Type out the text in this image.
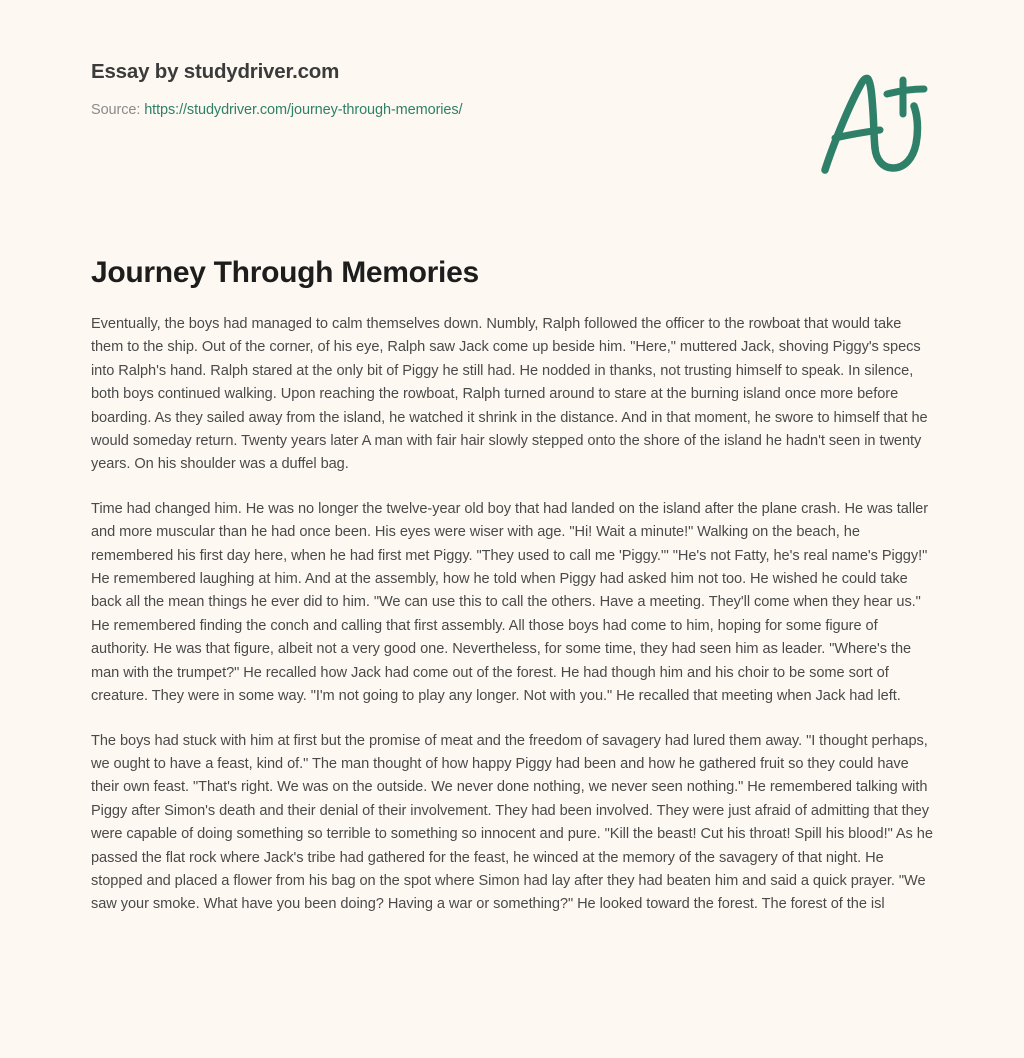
Essay by studydriver.com
Source: https://studydriver.com/journey-through-memories/
Journey Through Memories

Eventually, the boys had managed to calm themselves down. Numbly, Ralph followed the officer to the rowboat that would take them to the ship. Out of the corner, of his eye, Ralph saw Jack come up beside him. "Here," muttered Jack, shoving Piggy's specs into Ralph's hand. Ralph stared at the only bit of Piggy he still had. He nodded in thanks, not trusting himself to speak. In silence, both boys continued walking. Upon reaching the rowboat, Ralph turned around to stare at the burning island once more before boarding. As they sailed away from the island, he watched it shrink in the distance. And in that moment, he swore to himself that he would someday return. Twenty years later A man with fair hair slowly stepped onto the shore of the island he hadn't seen in twenty years. On his shoulder was a duffel bag.

Time had changed him. He was no longer the twelve-year old boy that had landed on the island after the plane crash. He was taller and more muscular than he had once been. His eyes were wiser with age. "Hi! Wait a minute!" Walking on the beach, he remembered his first day here, when he had first met Piggy. "They used to call me 'Piggy.'" "He's not Fatty, he's real name's Piggy!" He remembered laughing at him. And at the assembly, how he told when Piggy had asked him not too. He wished he could take back all the mean things he ever did to him. "We can use this to call the others. Have a meeting. They'll come when they hear us." He remembered finding the conch and calling that first assembly. All those boys had come to him, hoping for some figure of authority. He was that figure, albeit not a very good one. Nevertheless, for some time, they had seen him as leader. "Where's the man with the trumpet?" He recalled how Jack had come out of the forest. He had though him and his choir to be some sort of creature. They were in some way. "I'm not going to play any longer. Not with you." He recalled that meeting when Jack had left.

The boys had stuck with him at first but the promise of meat and the freedom of savagery had lured them away. "I thought perhaps, we ought to have a feast, kind of." The man thought of how happy Piggy had been and how he gathered fruit so they could have their own feast. "That's right. We was on the outside. We never done nothing, we never seen nothing." He remembered talking with Piggy after Simon's death and their denial of their involvement. They had been involved. They were just afraid of admitting that they were capable of doing something so terrible to something so innocent and pure. "Kill the beast! Cut his throat! Spill his blood!" As he passed the flat rock where Jack's tribe had gathered for the feast, he winced at the memory of the savagery of that night. He stopped and placed a flower from his bag on the spot where Simon had lay after they had beaten him and said a quick prayer. "We saw your smoke. What have you been doing? Having a war or something?" He looked toward the forest. The forest of the isl
